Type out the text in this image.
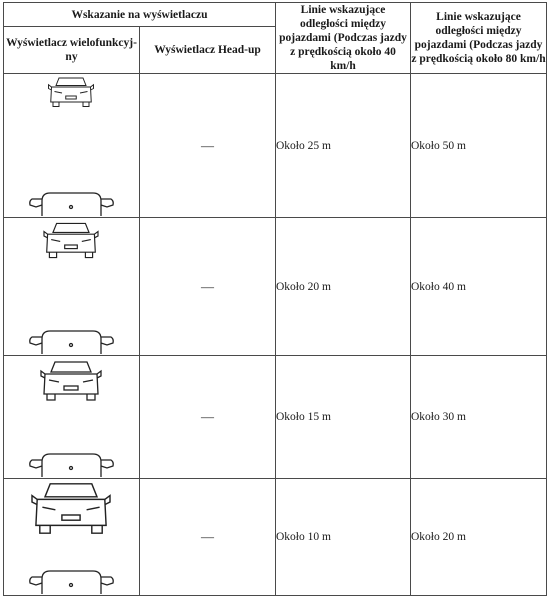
Wskazanie na wyświetlaczu		Linie wskazujące odległości między pojazdami (Podczas jazdy z prędkością około 40 km/h	Linie wskazujące odległości między pojazdami (Podczas jazdy z prędkością około 80 km/h
Wyświetlacz wielofunkcyj-ny	Wyświetlacz Head-up		

	—	Około 25 m	Około 50 m

	—	Około 20 m	Około 40 m

	—	Około 15 m	Około 30 m

	—	Około 10 m	Około 20 m
